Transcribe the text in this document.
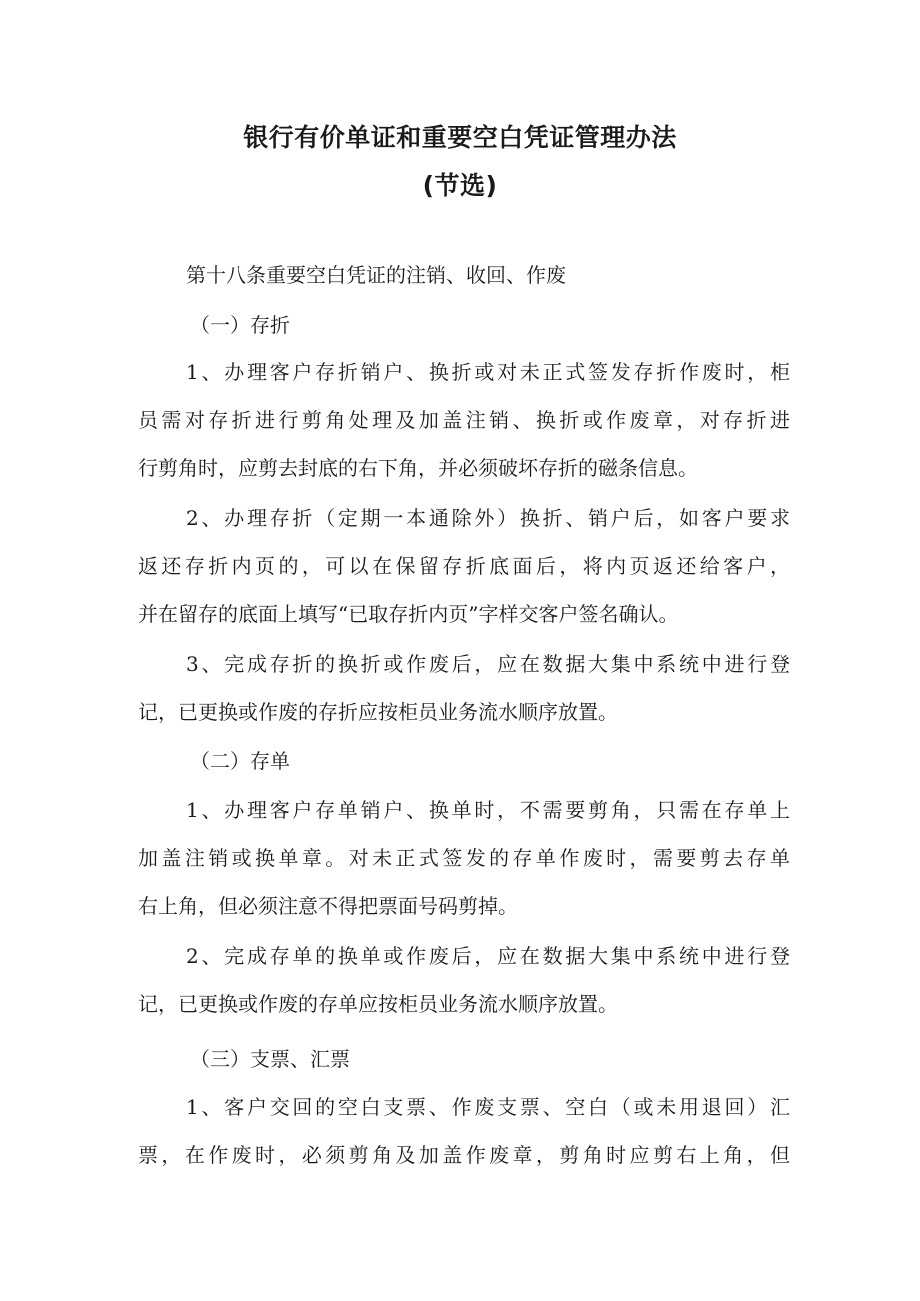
银行有价单证和重要空白凭证管理办法
(节选)

第十八条重要空白凭证的注销、收回、作废

（一）存折

1、办理客户存折销户、换折或对未正式签发存折作废时，柜

员需对存折进行剪角处理及加盖注销、换折或作废章，对存折进

行剪角时，应剪去封底的右下角，并必须破坏存折的磁条信息。

2、办理存折（定期一本通除外）换折、销户后，如客户要求

返还存折内页的，可以在保留存折底面后，将内页返还给客户，

并在留存的底面上填写“已取存折内页”字样交客户签名确认。

3、完成存折的换折或作废后，应在数据大集中系统中进行登

记，已更换或作废的存折应按柜员业务流水顺序放置。

（二）存单

1、办理客户存单销户、换单时，不需要剪角，只需在存单上

加盖注销或换单章。对未正式签发的存单作废时，需要剪去存单

右上角，但必须注意不得把票面号码剪掉。

2、完成存单的换单或作废后，应在数据大集中系统中进行登

记，已更换或作废的存单应按柜员业务流水顺序放置。

（三）支票、汇票

1、客户交回的空白支票、作废支票、空白（或未用退回）汇

票，在作废时，必须剪角及加盖作废章，剪角时应剪右上角，但
